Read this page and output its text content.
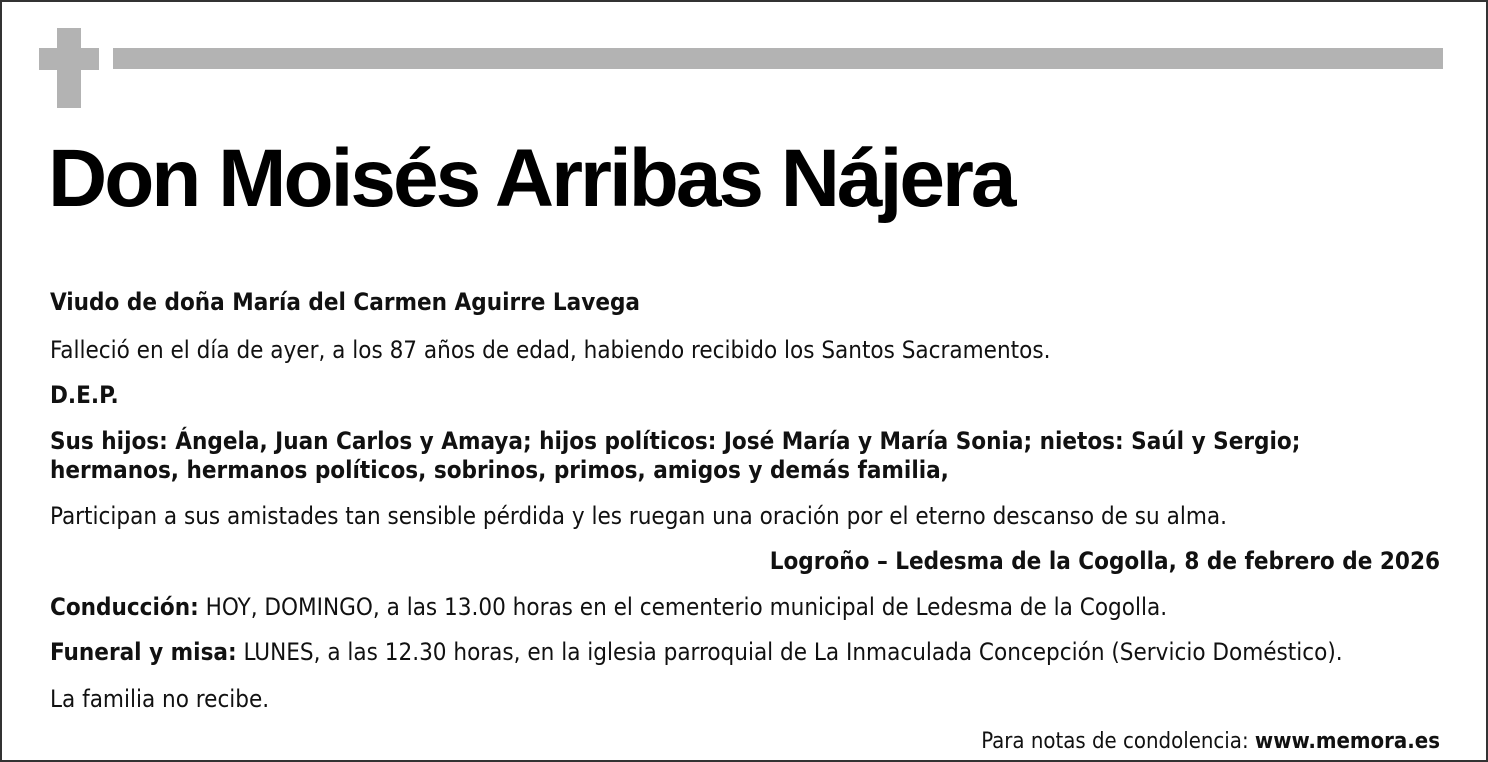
Don Moisés Arribas Nájera

Viudo de doña María del Carmen Aguirre Lavega

Falleció en el día de ayer, a los 87 años de edad, habiendo recibido los Santos Sacramentos.

D.E.P.

Sus hijos: Ángela, Juan Carlos y Amaya; hijos políticos: José María y María Sonia; nietos: Saúl y Sergio;

hermanos, hermanos políticos, sobrinos, primos, amigos y demás familia,

Participan a sus amistades tan sensible pérdida y les ruegan una oración por el eterno descanso de su alma.

Logroño – Ledesma de la Cogolla, 8 de febrero de 2026

Conducción: HOY, DOMINGO, a las 13.00 horas en el cementerio municipal de Ledesma de la Cogolla.

Funeral y misa: LUNES, a las 12.30 horas, en la iglesia parroquial de La Inmaculada Concepción (Servicio Doméstico).

La familia no recibe.

Para notas de condolencia: www.memora.es
